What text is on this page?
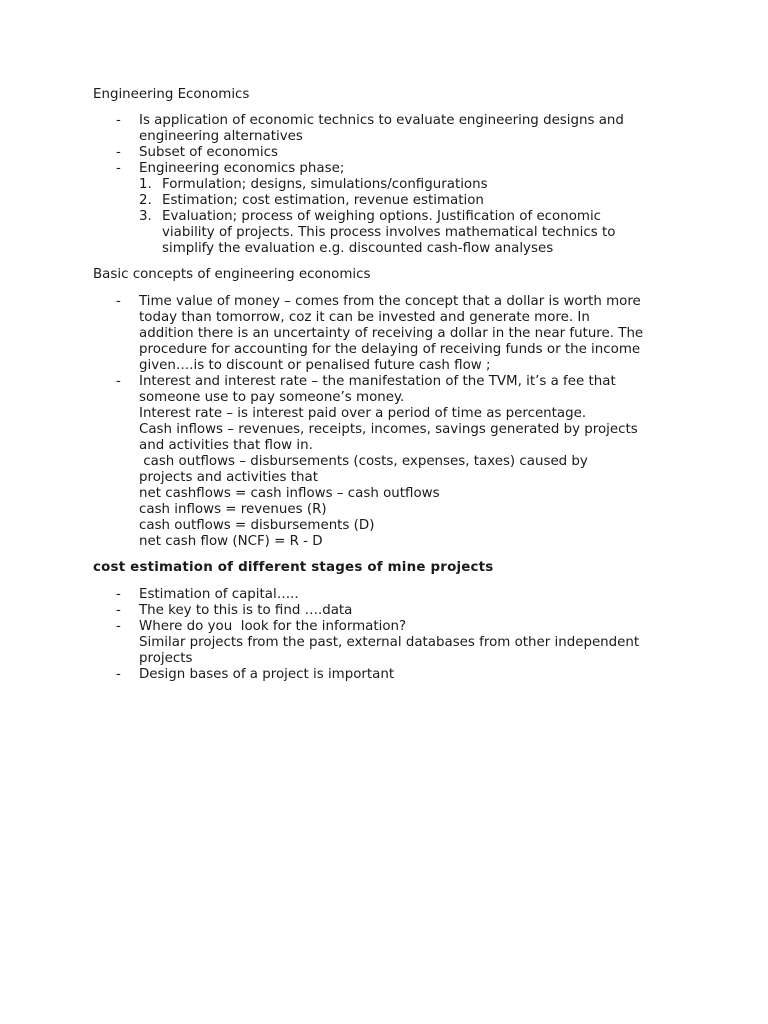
Engineering Economics
- Is application of economic technics to evaluate engineering designs and
engineering alternatives
- Subset of economics
- Engineering economics phase;
1. Formulation; designs, simulations/configurations
2. Estimation; cost estimation, revenue estimation
3. Evaluation; process of weighing options. Justification of economic
viability of projects. This process involves mathematical technics to
simplify the evaluation e.g. discounted cash-flow analyses
Basic concepts of engineering economics
- Time value of money – comes from the concept that a dollar is worth more
today than tomorrow, coz it can be invested and generate more. In
addition there is an uncertainty of receiving a dollar in the near future. The
procedure for accounting for the delaying of receiving funds or the income
given….is to discount or penalised future cash flow ;
- Interest and interest rate – the manifestation of the TVM, it’s a fee that
someone use to pay someone’s money.
Interest rate – is interest paid over a period of time as percentage.
Cash inflows – revenues, receipts, incomes, savings generated by projects
and activities that flow in.
cash outflows – disbursements (costs, expenses, taxes) caused by
projects and activities that
net cashflows = cash inflows – cash outflows
cash inflows = revenues (R)
cash outflows = disbursements (D)
net cash flow (NCF) = R - D
cost estimation of different stages of mine projects
- Estimation of capital…..
- The key to this is to find ….data
- Where do you  look for the information?
Similar projects from the past, external databases from other independent
projects
- Design bases of a project is important
